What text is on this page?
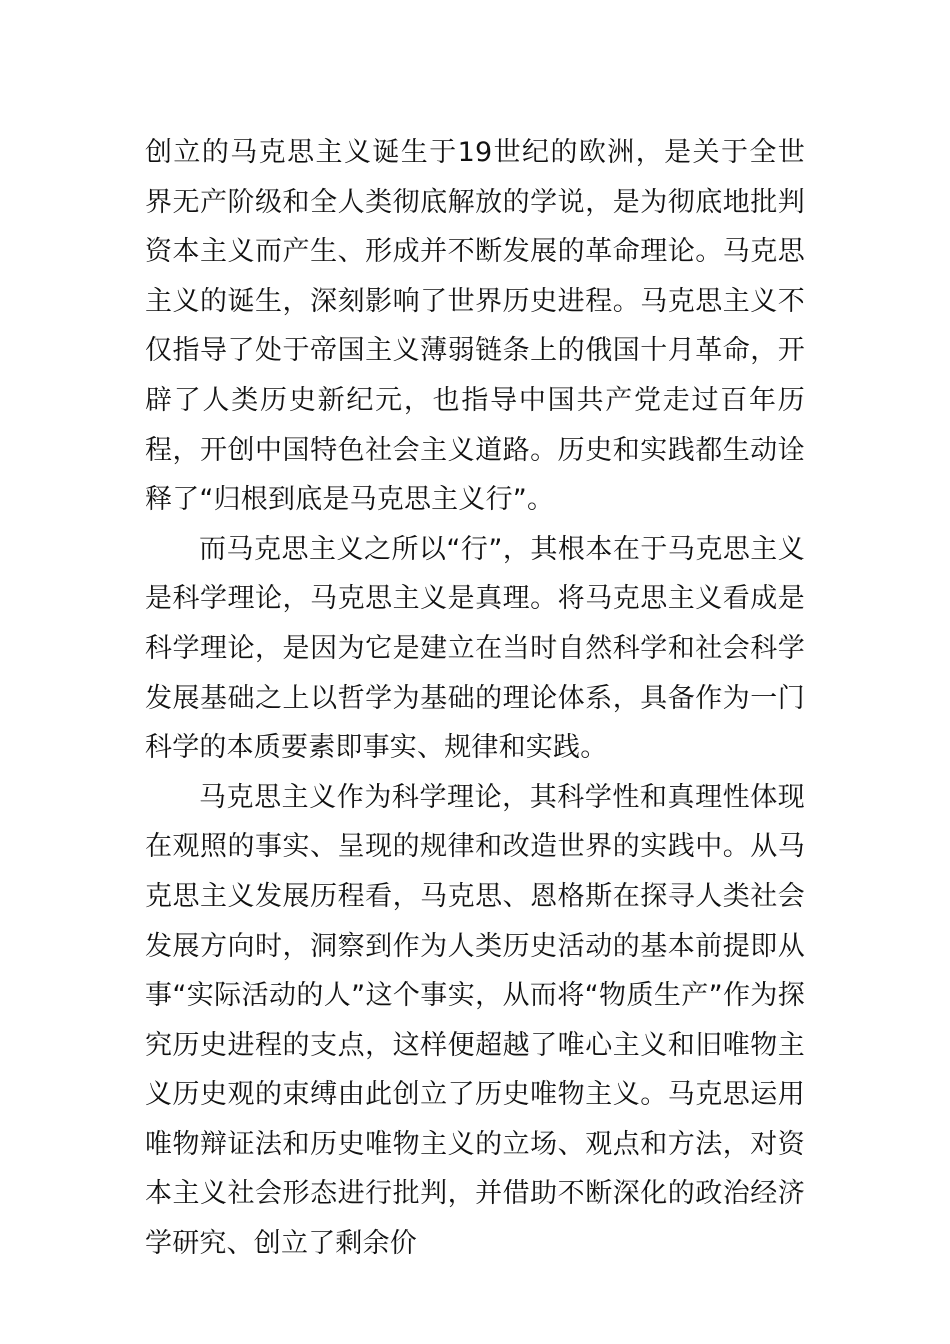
创立的马克思主义诞生于19世纪的欧洲，是关于全世界无产阶级和全人类彻底解放的学说，是为彻底地批判资本主义而产生、形成并不断发展的革命理论。马克思主义的诞生，深刻影响了世界历史进程。马克思主义不仅指导了处于帝国主义薄弱链条上的俄国十月革命，开辟了人类历史新纪元，也指导中国共产党走过百年历程，开创中国特色社会主义道路。历史和实践都生动诠释了“归根到底是马克思主义行”。

而马克思主义之所以“行”，其根本在于马克思主义是科学理论，马克思主义是真理。将马克思主义看成是科学理论，是因为它是建立在当时自然科学和社会科学发展基础之上以哲学为基础的理论体系，具备作为一门科学的本质要素即事实、规律和实践。

马克思主义作为科学理论，其科学性和真理性体现在观照的事实、呈现的规律和改造世界的实践中。从马克思主义发展历程看，马克思、恩格斯在探寻人类社会发展方向时，洞察到作为人类历史活动的基本前提即从事“实际活动的人”这个事实，从而将“物质生产”作为探究历史进程的支点，这样便超越了唯心主义和旧唯物主义历史观的束缚由此创立了历史唯物主义。马克思运用唯物辩证法和历史唯物主义的立场、观点和方法，对资本主义社会形态进行批判，并借助不断深化的政治经济学研究、创立了剩余价
